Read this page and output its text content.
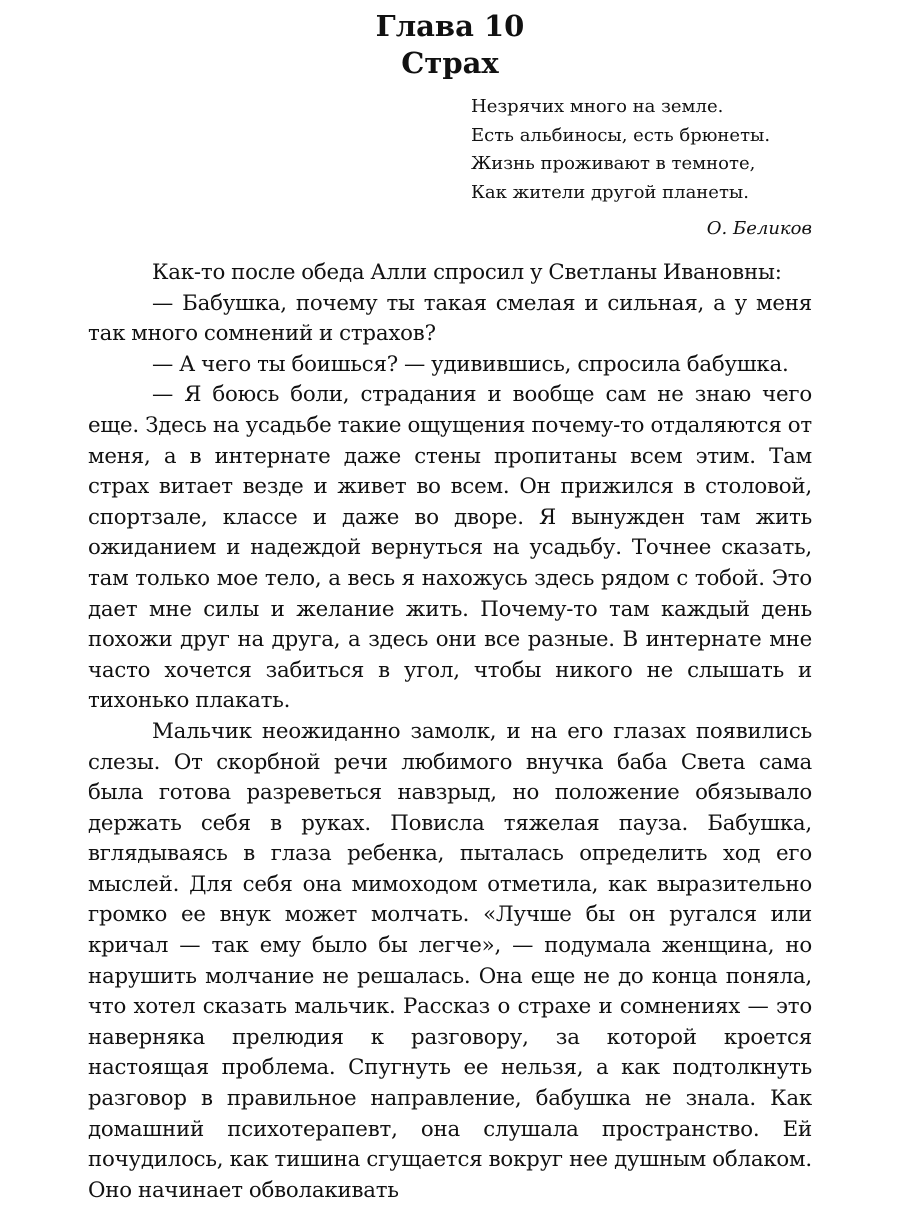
Глава 10
Страх
Незрячих много на земле.
Есть альбиносы, есть брюнеты.
Жизнь проживают в темноте,
Как жители другой планеты.
О. Беликов

Как-то после обеда Алли спросил у Светланы Ивановны:

— Бабушка, почему ты такая смелая и сильная, а у меня так много сомнений и страхов?

— А чего ты боишься? — удивившись, спросила бабушка.

— Я боюсь боли, страдания и вообще сам не знаю чего еще. Здесь на усадьбе такие ощущения почему-то отдаляются от меня, а в интернате даже стены пропитаны всем этим. Там страх витает везде и живет во всем. Он прижился в столовой, спортзале, классе и даже во дворе. Я вынужден там жить ожиданием и надеждой вернуться на усадьбу. Точнее сказать, там только мое тело, а весь я нахожусь здесь рядом с тобой. Это дает мне силы и желание жить. Почему-то там каждый день похожи друг на друга, а здесь они все разные. В интернате мне часто хочется забиться в угол, чтобы никого не слышать и тихонько плакать.

Мальчик неожиданно замолк, и на его глазах появились слезы. От скорбной речи любимого внучка баба Света сама была готова разреветься навзрыд, но положение обязывало держать себя в руках. Повисла тяжелая пауза. Бабушка, вглядываясь в глаза ребенка, пыталась определить ход его мыслей. Для себя она мимоходом отметила, как выразительно громко ее внук может молчать. «Лучше бы он ругался или кричал — так ему было бы легче», — подумала женщина, но нарушить молчание не решалась. Она еще не до конца поняла, что хотел сказать мальчик. Рассказ о страхе и сомнениях — это наверняка прелюдия к разговору, за которой кроется настоящая проблема. Спугнуть ее нельзя, а как подтолкнуть разговор в правильное направление, бабушка не знала. Как домашний психотерапевт, она слушала пространство. Ей почудилось, как тишина сгущается вокруг нее душным облаком. Оно начинает обволакивать
